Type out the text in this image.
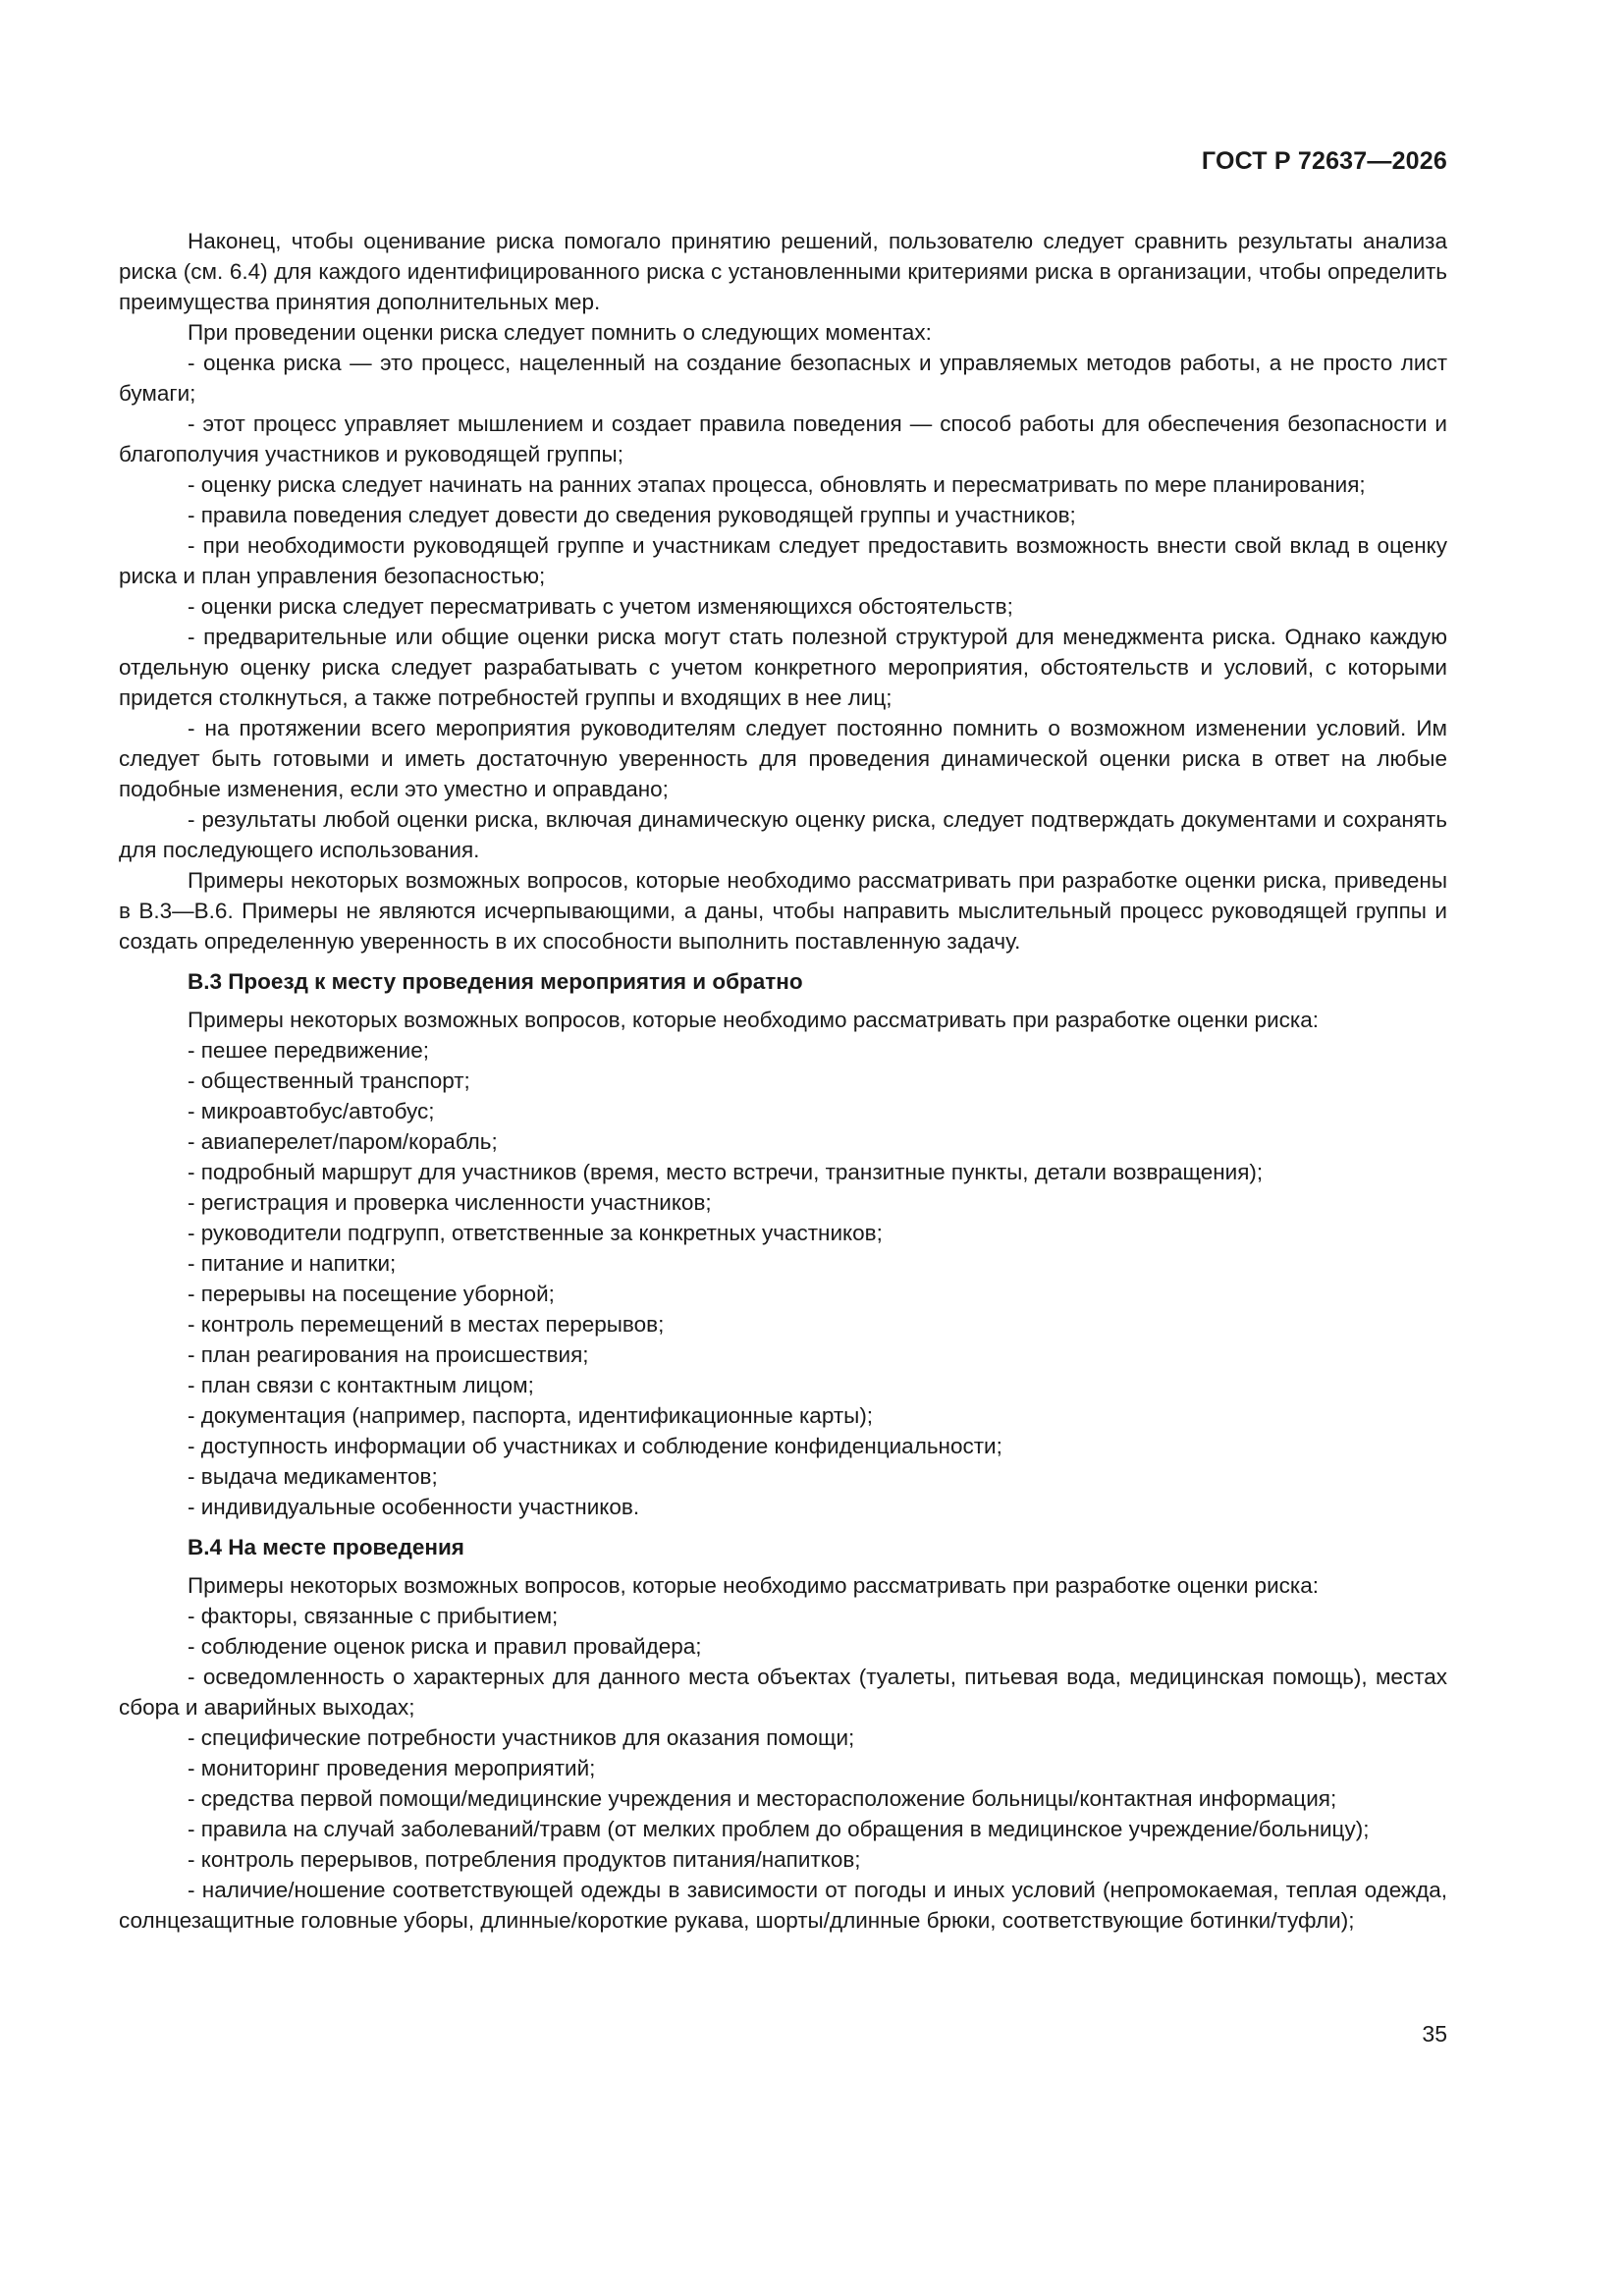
ГОСТ Р 72637—2026

Наконец, чтобы оценивание риска помогало принятию решений, пользователю следует сравнить результаты анализа риска (см. 6.4) для каждого идентифицированного риска с установленными критериями риска в организации, чтобы определить преимущества принятия дополнительных мер.

При проведении оценки риска следует помнить о следующих моментах:

- оценка риска — это процесс, нацеленный на создание безопасных и управляемых методов работы, а не просто лист бумаги;

- этот процесс управляет мышлением и создает правила поведения — способ работы для обеспечения безопасности и благополучия участников и руководящей группы;

- оценку риска следует начинать на ранних этапах процесса, обновлять и пересматривать по мере планирования;

- правила поведения следует довести до сведения руководящей группы и участников;

- при необходимости руководящей группе и участникам следует предоставить возможность внести свой вклад в оценку риска и план управления безопасностью;

- оценки риска следует пересматривать с учетом изменяющихся обстоятельств;

- предварительные или общие оценки риска могут стать полезной структурой для менеджмента риска. Однако каждую отдельную оценку риска следует разрабатывать с учетом конкретного мероприятия, обстоятельств и условий, с которыми придется столкнуться, а также потребностей группы и входящих в нее лиц;

- на протяжении всего мероприятия руководителям следует постоянно помнить о возможном изменении условий. Им следует быть готовыми и иметь достаточную уверенность для проведения динамической оценки риска в ответ на любые подобные изменения, если это уместно и оправдано;

- результаты любой оценки риска, включая динамическую оценку риска, следует подтверждать документами и сохранять для последующего использования.

Примеры некоторых возможных вопросов, которые необходимо рассматривать при разработке оценки риска, приведены в В.3—В.6. Примеры не являются исчерпывающими, а даны, чтобы направить мыслительный процесс руководящей группы и создать определенную уверенность в их способности выполнить поставленную задачу.

В.3 Проезд к месту проведения мероприятия и обратно

Примеры некоторых возможных вопросов, которые необходимо рассматривать при разработке оценки риска:

- пешее передвижение;

- общественный транспорт;

- микроавтобус/автобус;

- авиаперелет/паром/корабль;

- подробный маршрут для участников (время, место встречи, транзитные пункты, детали возвращения);

- регистрация и проверка численности участников;

- руководители подгрупп, ответственные за конкретных участников;

- питание и напитки;

- перерывы на посещение уборной;

- контроль перемещений в местах перерывов;

- план реагирования на происшествия;

- план связи с контактным лицом;

- документация (например, паспорта, идентификационные карты);

- доступность информации об участниках и соблюдение конфиденциальности;

- выдача медикаментов;

- индивидуальные особенности участников.

В.4 На месте проведения

Примеры некоторых возможных вопросов, которые необходимо рассматривать при разработке оценки риска:

- факторы, связанные с прибытием;

- соблюдение оценок риска и правил провайдера;

- осведомленность о характерных для данного места объектах (туалеты, питьевая вода, медицинская помощь), местах сбора и аварийных выходах;

- специфические потребности участников для оказания помощи;

- мониторинг проведения мероприятий;

- средства первой помощи/медицинские учреждения и месторасположение больницы/контактная информация;

- правила на случай заболеваний/травм (от мелких проблем до обращения в медицинское учреждение/больницу);

- контроль перерывов, потребления продуктов питания/напитков;

- наличие/ношение соответствующей одежды в зависимости от погоды и иных условий (непромокаемая, теплая одежда, солнцезащитные головные уборы, длинные/короткие рукава, шорты/длинные брюки, соответствующие ботинки/туфли);

35
